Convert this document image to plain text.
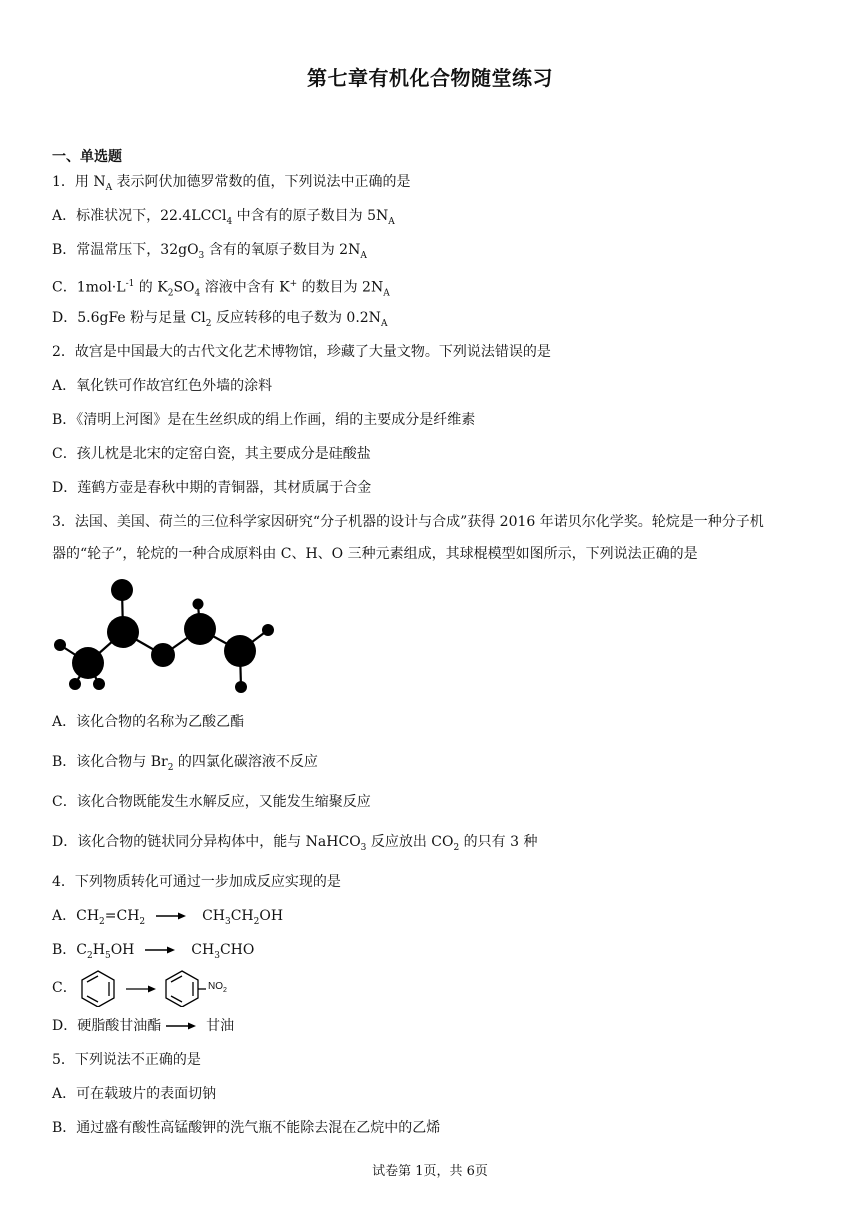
第七章有机化合物随堂练习
一、单选题
1．用 $N_A$ 表示阿伏加德罗常数的值，下列说法中正确的是
A．标准状况下，22.4LCCl$_4$ 中含有的原子数目为 $5N_A$
B．常温常压下，$32gO_3$ 含有的氧原子数目为 $2N_A$
C．$1mol\cdot L^{-1}$ 的 $K_2SO_4$ 溶液中含有 K+ 的数目为 $2N_A$
D．5.6gFe 粉与足量 $Cl_2$ 反应转移的电子数为 $0.2N_A$
2．故宫是中国最大的古代文化艺术博物馆，珍藏了大量文物。下列说法错误的是
A．氧化铁可作故宫红色外墙的涂料
B．《清明上河图》是在生丝织成的绢上作画，绢的主要成分是纤维素
C．孩儿枕是北宋的定窑白瓷，其主要成分是硅酸盐
D．莲鹤方壶是春秋中期的青铜器，其材质属于合金
3．法国、美国、荷兰的三位科学家因研究“分子机器的设计与合成”获得 2016 年诺贝尔化学奖。轮烷是一种分子机
器的“轮子”，轮烷的一种合成原料由 C、H、O 三种元素组成，其球棍模型如图所示，下列说法正确的是
A．该化合物的名称为乙酸乙酯
B．该化合物与 $Br_2$ 的四氯化碳溶液不反应
C．该化合物既能发生水解反应，又能发生缩聚反应
D．该化合物的链状同分异构体中，能与 NaHCO$_3$ 反应放出 $CO_2$ 的只有 3 种
4．下列物质转化可通过一步加成反应实现的是
A．$CH_2=CH_2 \to CH_3CH_2OH$
B．$C_2H_5OH \to CH_3CHO$
C．	$NO_2$
D．硬脂酸甘油酯 → 甘油
5．下列说法不正确的是
A．可在载玻片的表面切钠
B．通过盛有酸性高锰酸钾的洗气瓶不能除去混在乙烷中的乙烯
试卷第 1页，共 6页
